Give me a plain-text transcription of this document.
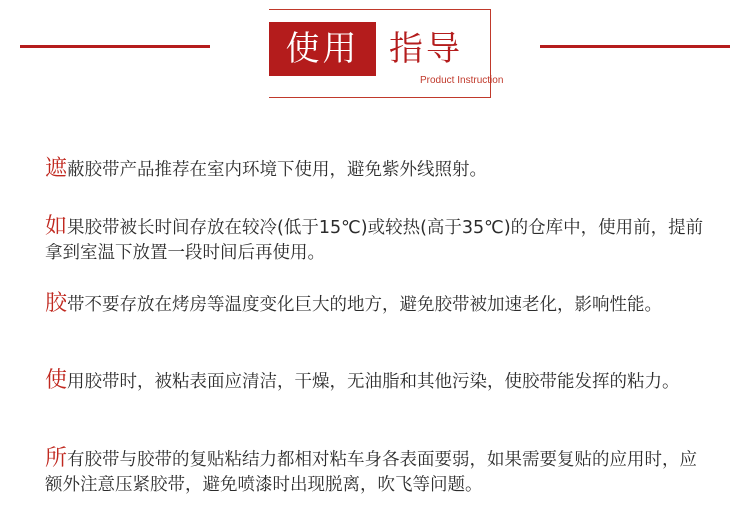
使用 指导
Product Instruction
遮蔽胶带产品推荐在室内环境下使用，避免紫外线照射。
如果胶带被长时间存放在较冷(低于15℃)或较热(高于35℃)的仓库中，使用前，提前拿到室温下放置一段时间后再使用。
胶带不要存放在烤房等温度变化巨大的地方，避免胶带被加速老化，影响性能。
使用胶带时，被粘表面应清洁，干燥，无油脂和其他污染，使胶带能发挥的粘力。
所有胶带与胶带的复贴粘结力都相对粘车身各表面要弱，如果需要复贴的应用时，应额外注意压紧胶带，避免喷漆时出现脱离，吹飞等问题。
